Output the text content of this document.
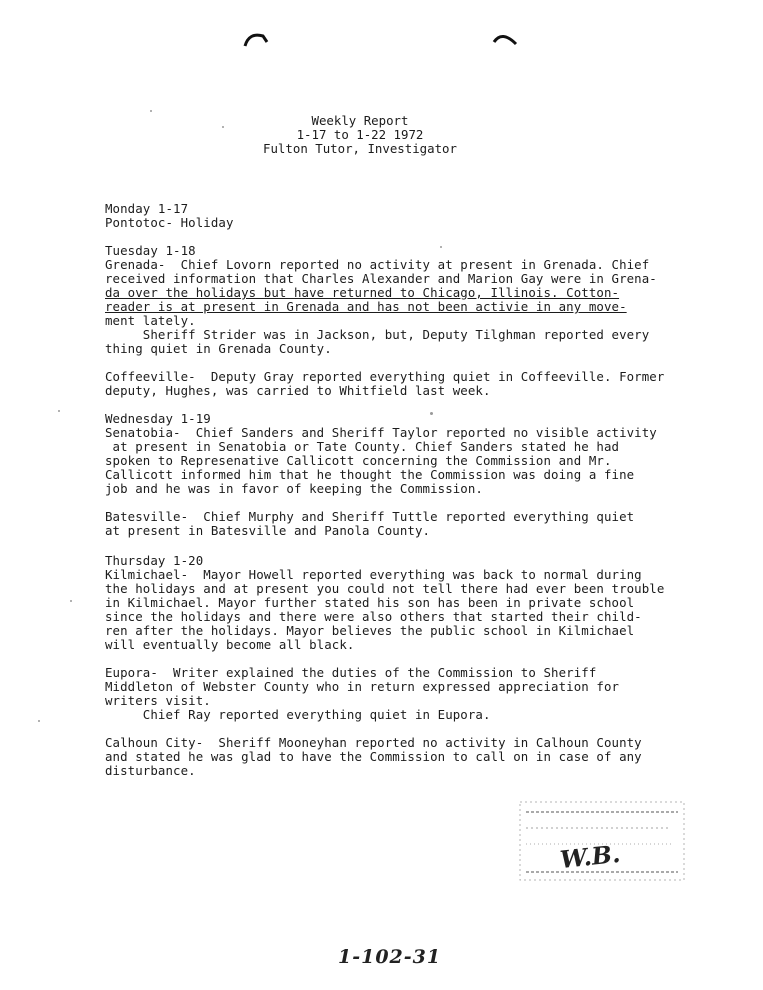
Weekly Report
1-17 to 1-22 1972
Fulton Tutor, Investigator
Monday 1-17
Pontotoc- Holiday
Tuesday 1-18
Grenada-  Chief Lovorn reported no activity at present in Grenada. Chief
received information that Charles Alexander and Marion Gay were in Grena-
da over the holidays but have returned to Chicago, Illinois. Cotton-
reader is at present in Grenada and has not been activie in any move-
ment lately.
Sheriff Strider was in Jackson, but, Deputy Tilghman reported every
thing quiet in Grenada County.
Coffeeville-  Deputy Gray reported everything quiet in Coffeeville. Former
deputy, Hughes, was carried to Whitfield last week.
Wednesday 1-19
Senatobia-  Chief Sanders and Sheriff Taylor reported no visible activity
at present in Senatobia or Tate County. Chief Sanders stated he had
spoken to Represenative Callicott concerning the Commission and Mr.
Callicott informed him that he thought the Commission was doing a fine
job and he was in favor of keeping the Commission.
Batesville-  Chief Murphy and Sheriff Tuttle reported everything quiet
at present in Batesville and Panola County.
Thursday 1-20
Kilmichael-  Mayor Howell reported everything was back to normal during
the holidays and at present you could not tell there had ever been trouble
in Kilmichael. Mayor further stated his son has been in private school
since the holidays and there were also others that started their child-
ren after the holidays. Mayor believes the public school in Kilmichael
will eventually become all black.
Eupora-  Writer explained the duties of the Commission to Sheriff
Middleton of Webster County who in return expressed appreciation for
writers visit.
Chief Ray reported everything quiet in Eupora.
Calhoun City-  Sheriff Mooneyhan reported no activity in Calhoun County
and stated he was glad to have the Commission to call on in case of any
disturbance.
W.B.
1-102-31
